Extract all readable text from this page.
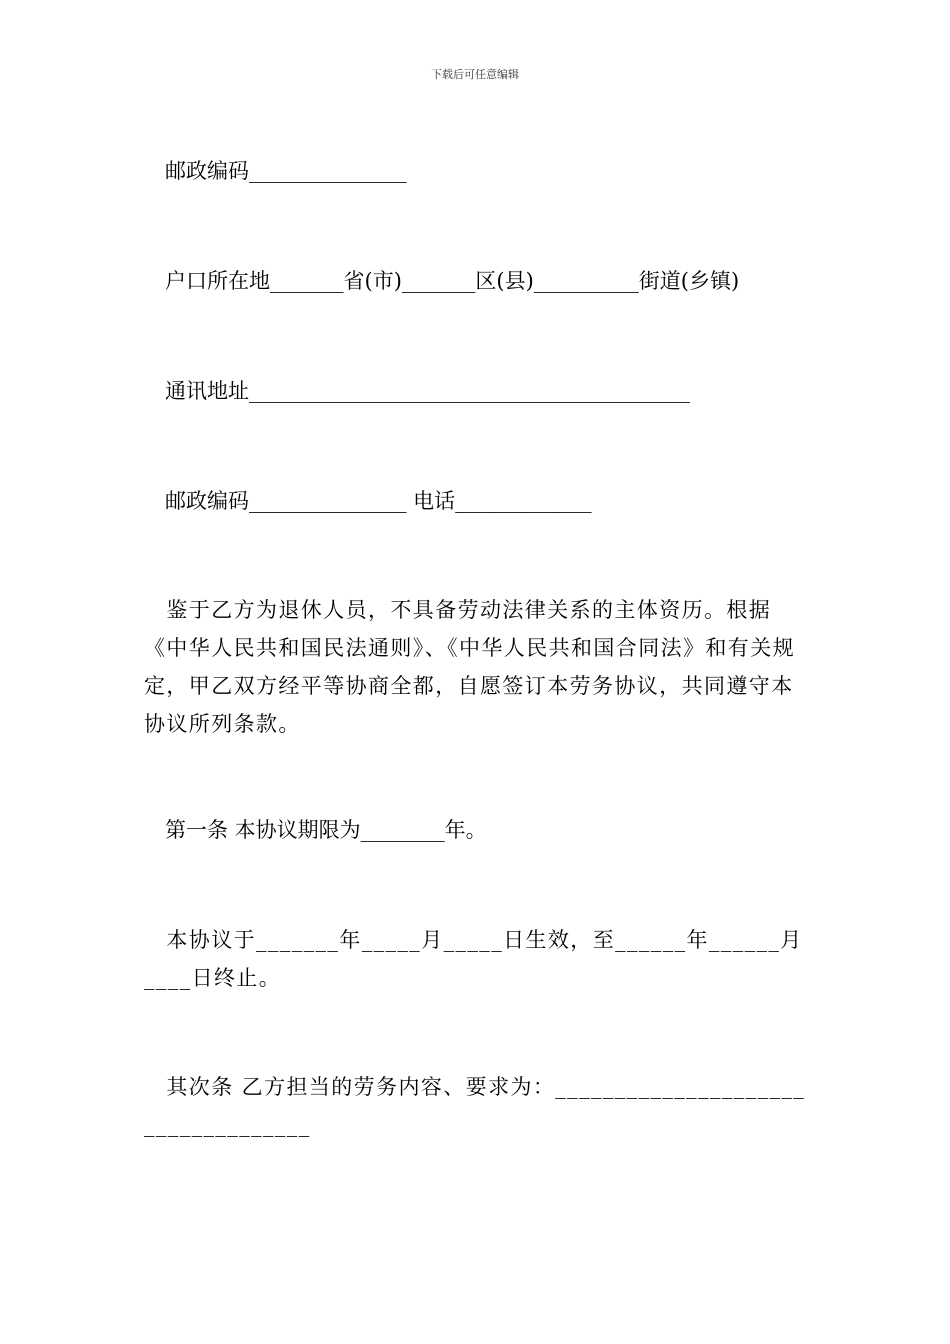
下载后可任意编辑
　邮政编码_______________
　户口所在地_______省(市)_______区(县)__________街道(乡镇)
　通讯地址__________________________________________
　邮政编码_______________ 电话_____________
　鉴于乙方为退休人员，不具备劳动法律关系的主体资历。根据《中华人民共和国民法通则》、《中华人民共和国合同法》和有关规定，甲乙双方经平等协商全都，自愿签订本劳务协议，共同遵守本协议所列条款。
　第一条 本协议期限为________年。
　本协议于_______年_____月_____日生效，至______年______月____日终止。
　其次条 乙方担当的劳务内容、要求为：___________________________________
